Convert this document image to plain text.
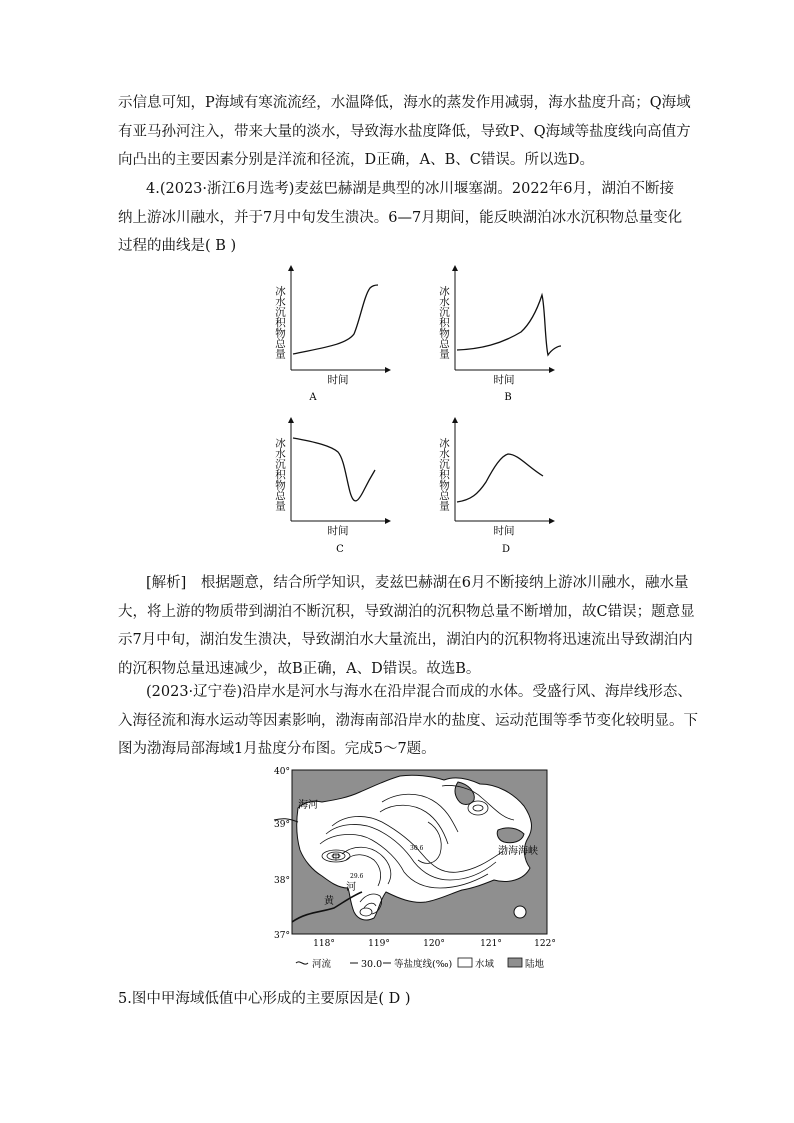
示信息可知，P海域有寒流流经，水温降低，海水的蒸发作用减弱，海水盐度升高；Q海域
有亚马孙河注入，带来大量的淡水，导致海水盐度降低，导致P、Q海域等盐度线向高值方
向凸出的主要因素分别是洋流和径流，D正确，A、B、C错误。所以选D。
4.(2023·浙江6月选考)麦兹巴赫湖是典型的冰川堰塞湖。2022年6月，湖泊不断接
纳上游冰川融水，并于7月中旬发生溃决。6—7月期间，能反映湖泊冰水沉积物总量变化
过程的曲线是( B )
冰水沉积物总量
时间
A
冰水沉积物总量
时间
B
冰水沉积物总量
时间
C
冰水沉积物总量
时间
D
[解析]　根据题意，结合所学知识，麦兹巴赫湖在6月不断接纳上游冰川融水，融水量
大，将上游的物质带到湖泊不断沉积，导致湖泊的沉积物总量不断增加，故C错误；题意显
示7月中旬，湖泊发生溃决，导致湖泊水大量流出，湖泊内的沉积物将迅速流出导致湖泊内
的沉积物总量迅速减少，故B正确，A、D错误。故选B。
(2023·辽宁卷)沿岸水是河水与海水在沿岸混合而成的水体。受盛行风、海岸线形态、
入海径流和海水运动等因素影响，渤海南部沿岸水的盐度、运动范围等季节变化较明显。下
图为渤海局部海域1月盐度分布图。完成5～7题。
海河
渤海海峡
河
黄
甲
29.6
30.6
40°
39°
38°
37°
118°	119°	120°	121°	122°
河流	30.0 等盐度线(‰) 水域	陆地
5.图中甲海域低值中心形成的主要原因是( D )
